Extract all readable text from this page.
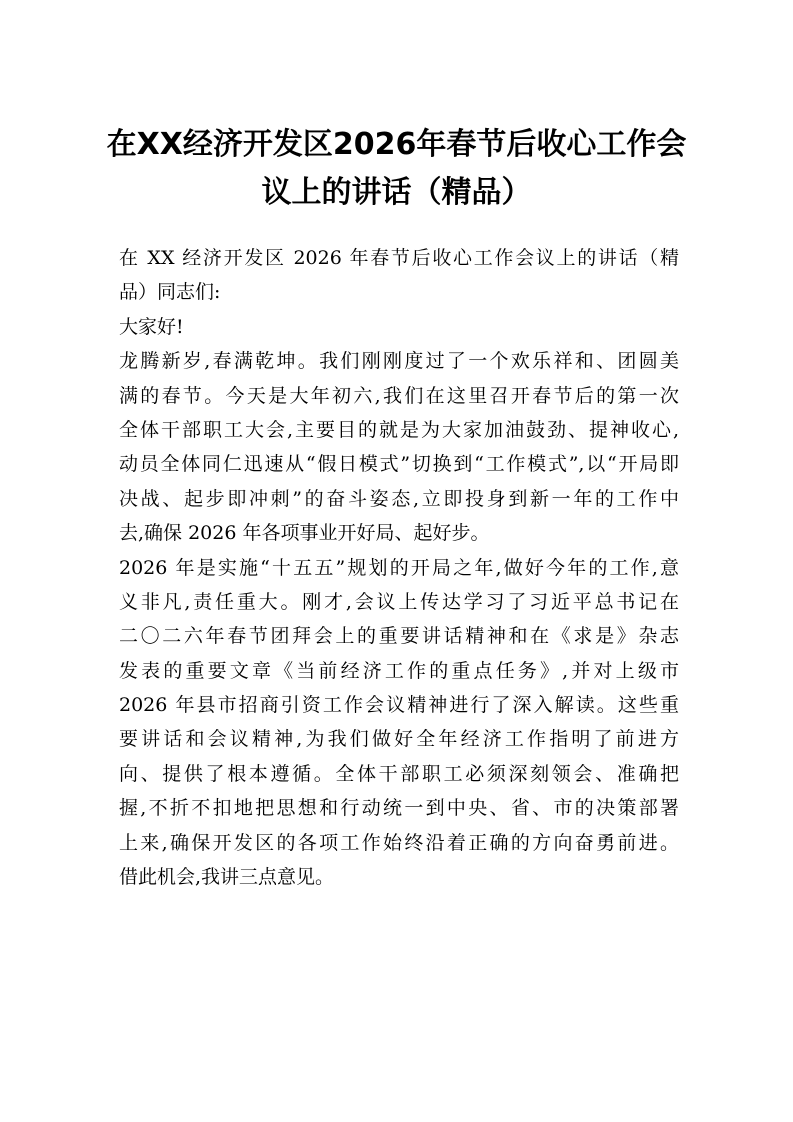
在XX经济开发区2026年春节后收心工作会
议上的讲话（精品）
在 XX 经济开发区 2026 年春节后收心工作会议上的讲话（精
品）同志们:
大家好!
龙腾新岁,春满乾坤。我们刚刚度过了一个欢乐祥和、团圆美
满的春节。今天是大年初六,我们在这里召开春节后的第一次
全体干部职工大会,主要目的就是为大家加油鼓劲、提神收心,
动员全体同仁迅速从“假日模式”切换到“工作模式”,以“开局即
决战、起步即冲刺”的奋斗姿态,立即投身到新一年的工作中
去,确保 2026 年各项事业开好局、起好步。
2026 年是实施“十五五”规划的开局之年,做好今年的工作,意
义非凡,责任重大。刚才,会议上传达学习了习近平总书记在
二〇二六年春节团拜会上的重要讲话精神和在《求是》杂志
发表的重要文章《当前经济工作的重点任务》,并对上级市
2026 年县市招商引资工作会议精神进行了深入解读。这些重
要讲话和会议精神,为我们做好全年经济工作指明了前进方
向、提供了根本遵循。全体干部职工必须深刻领会、准确把
握,不折不扣地把思想和行动统一到中央、省、市的决策部署
上来,确保开发区的各项工作始终沿着正确的方向奋勇前进。
借此机会,我讲三点意见。
